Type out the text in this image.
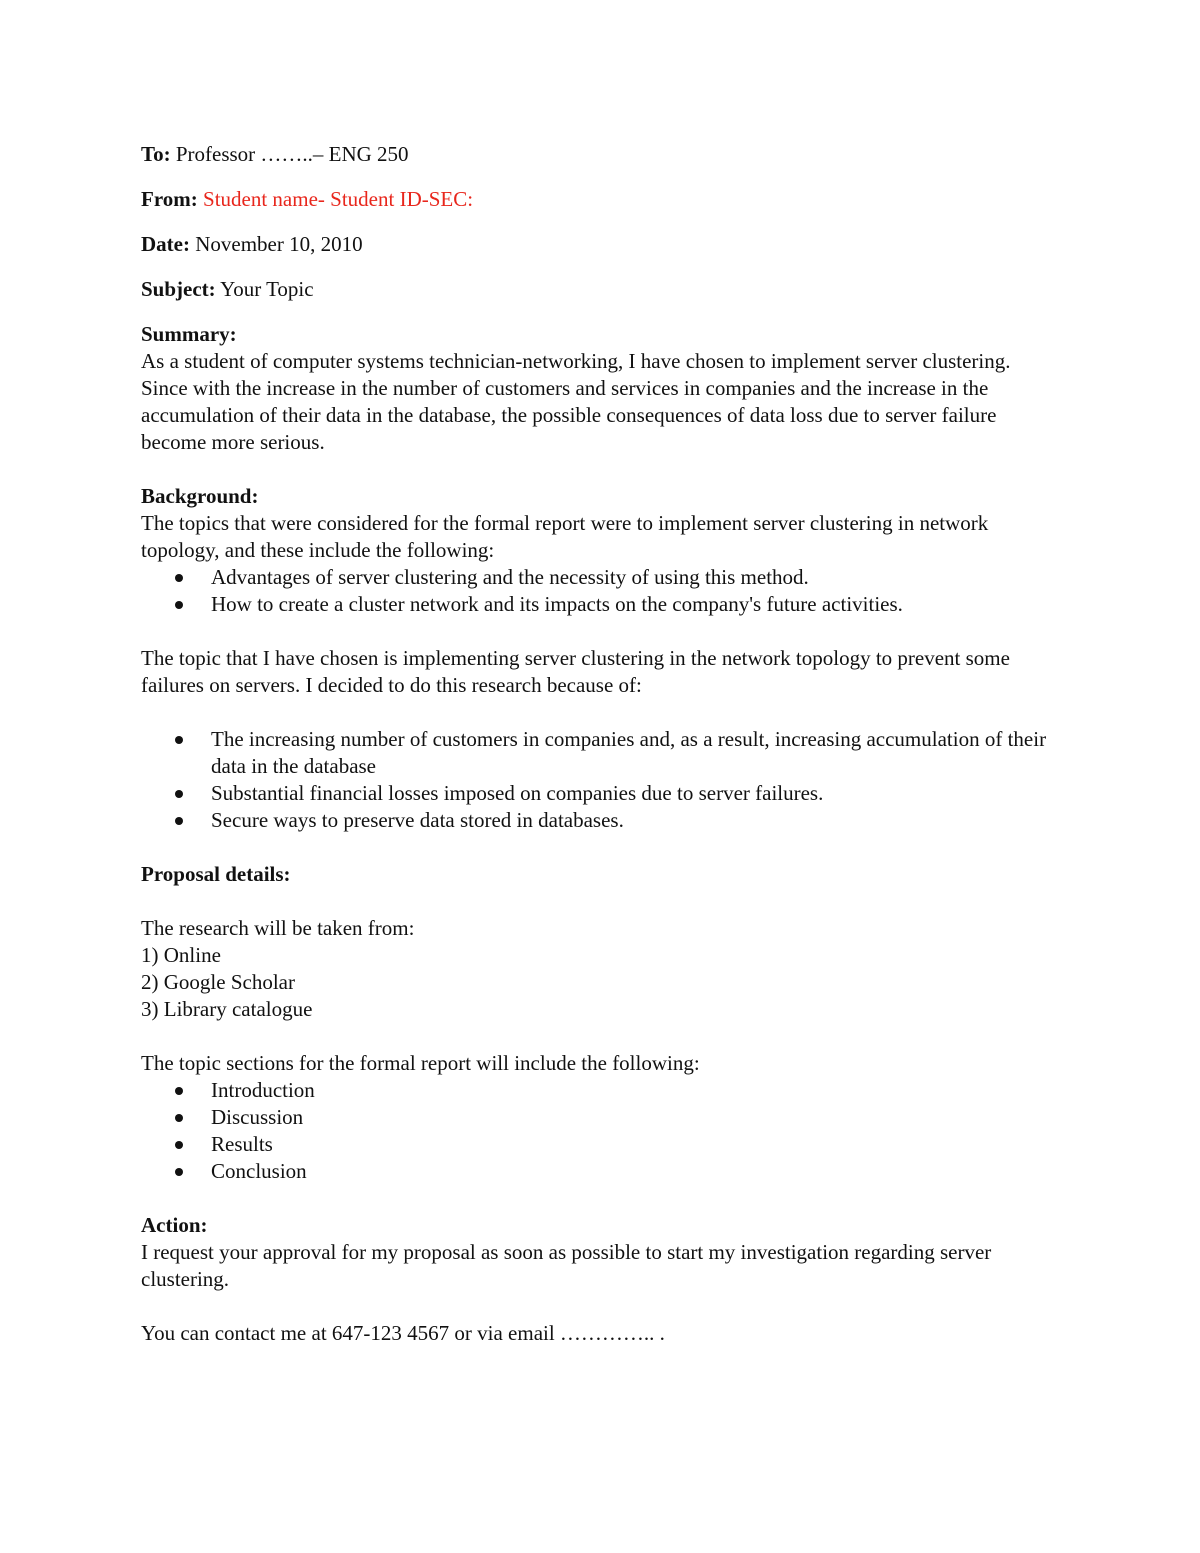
To: Professor ……..– ENG 250

From: Student name- Student ID-SEC:

Date: November 10, 2010

Subject: Your Topic

Summary:

As a student of computer systems technician-networking, I have chosen to implement server clustering. Since with the increase in the number of customers and services in companies and the increase in the accumulation of their data in the database, the possible consequences of data loss due to server failure become more serious.

Background:

The topics that were considered for the formal report were to implement server clustering in network topology, and these include the following:

Advantages of server clustering and the necessity of using this method.
How to create a cluster network and its impacts on the company's future activities.

The topic that I have chosen is implementing server clustering in the network topology to prevent some failures on servers. I decided to do this research because of:

The increasing number of customers in companies and, as a result, increasing accumulation of their data in the database
Substantial financial losses imposed on companies due to server failures.
Secure ways to preserve data stored in databases.

Proposal details:

The research will be taken from:

1) Online

2) Google Scholar

3) Library catalogue

The topic sections for the formal report will include the following:

Introduction
Discussion
Results
Conclusion

Action:

I request your approval for my proposal as soon as possible to start my investigation regarding server clustering.

You can contact me at 647-123 4567 or via email ………….. .
